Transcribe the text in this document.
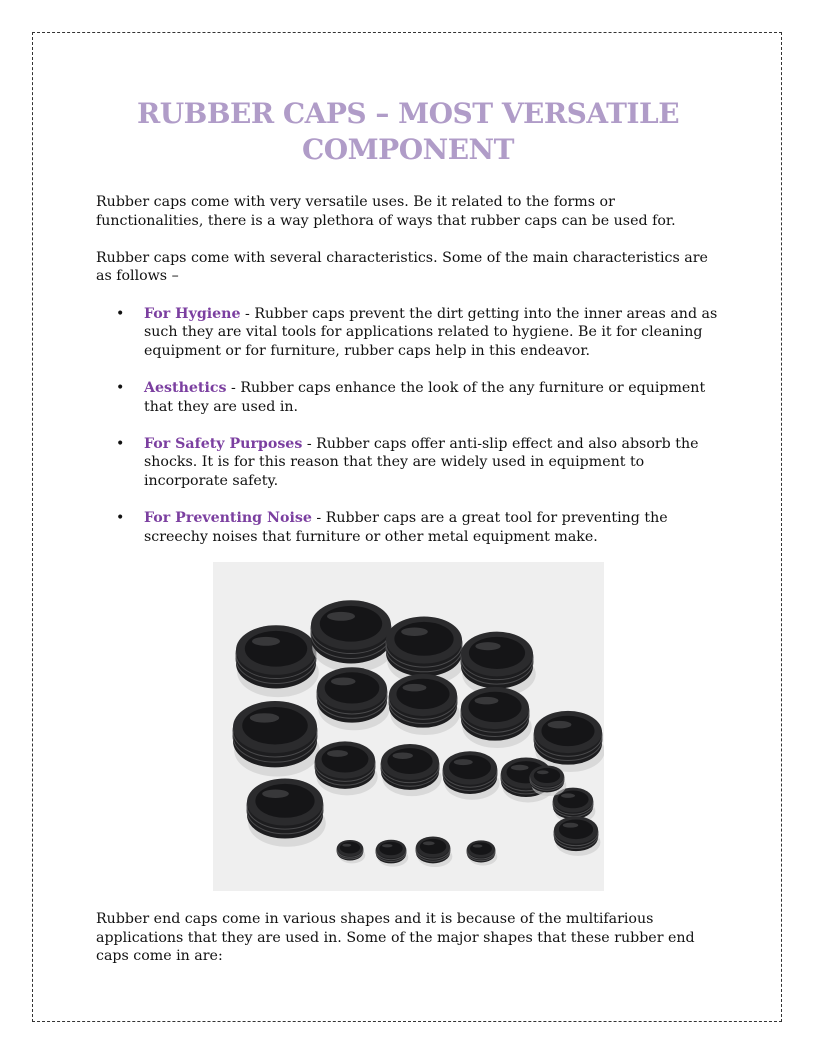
RUBBER CAPS – MOST VERSATILE COMPONENT

Rubber caps come with very versatile uses. Be it related to the forms or functionalities, there is a way plethora of ways that rubber caps can be used for.

Rubber caps come with several characteristics. Some of the main characteristics are as follows –

• For Hygiene - Rubber caps prevent the dirt getting into the inner areas and as such they are vital tools for applications related to hygiene. Be it for cleaning equipment or for furniture, rubber caps help in this endeavor.
• Aesthetics - Rubber caps enhance the look of the any furniture or equipment that they are used in.
• For Safety Purposes - Rubber caps offer anti-slip effect and also absorb the shocks. It is for this reason that they are widely used in equipment to incorporate safety.
• For Preventing Noise - Rubber caps are a great tool for preventing the screechy noises that furniture or other metal equipment make.

Rubber end caps come in various shapes and it is because of the multifarious applications that they are used in. Some of the major shapes that these rubber end caps come in are:
